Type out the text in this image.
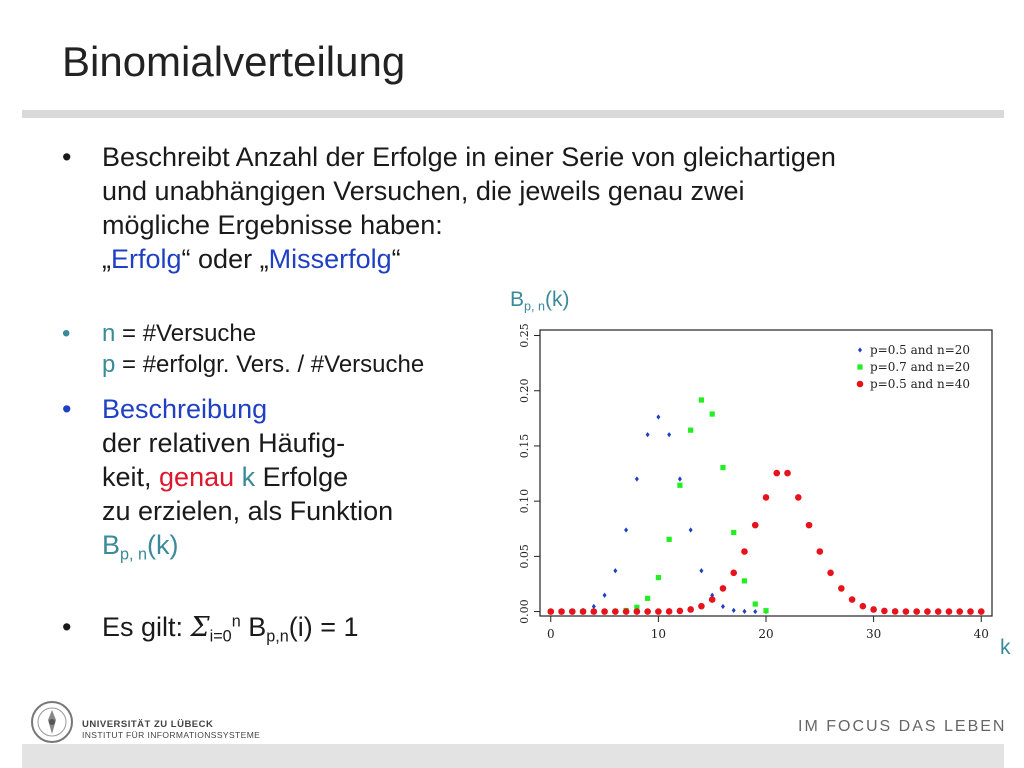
Binomialverteilung
•	Beschreibt Anzahl der Erfolge in einer Serie von gleichartigen
und unabhängigen Versuchen, die jeweils genau zwei
mögliche Ergebnisse haben:
„Erfolg“ oder „Misserfolg“
•	n = #Versuche
p = #erfolgr. Vers. / #Versuche
•	Beschreibung
der relativen Häufig-
keit, genau k Erfolge
zu erzielen, als Funktion
$B_{p, n}(k)$
•	Es gilt: $\Sigma_{i=0}^n$ $B_{p,n}(i) = 1$
$B_{p, n}(k)$
k
0	10	20	30	40
0.00
0.05
0.10
0.15
0.20
0.25
p=0.5 and n=20
p=0.7 and n=20
p=0.5 and n=40
UNIVERSITÄT ZU LÜBECK
INSTITUT FÜR INFORMATIONSSYSTEME	IM FOCUS DAS LEBEN
